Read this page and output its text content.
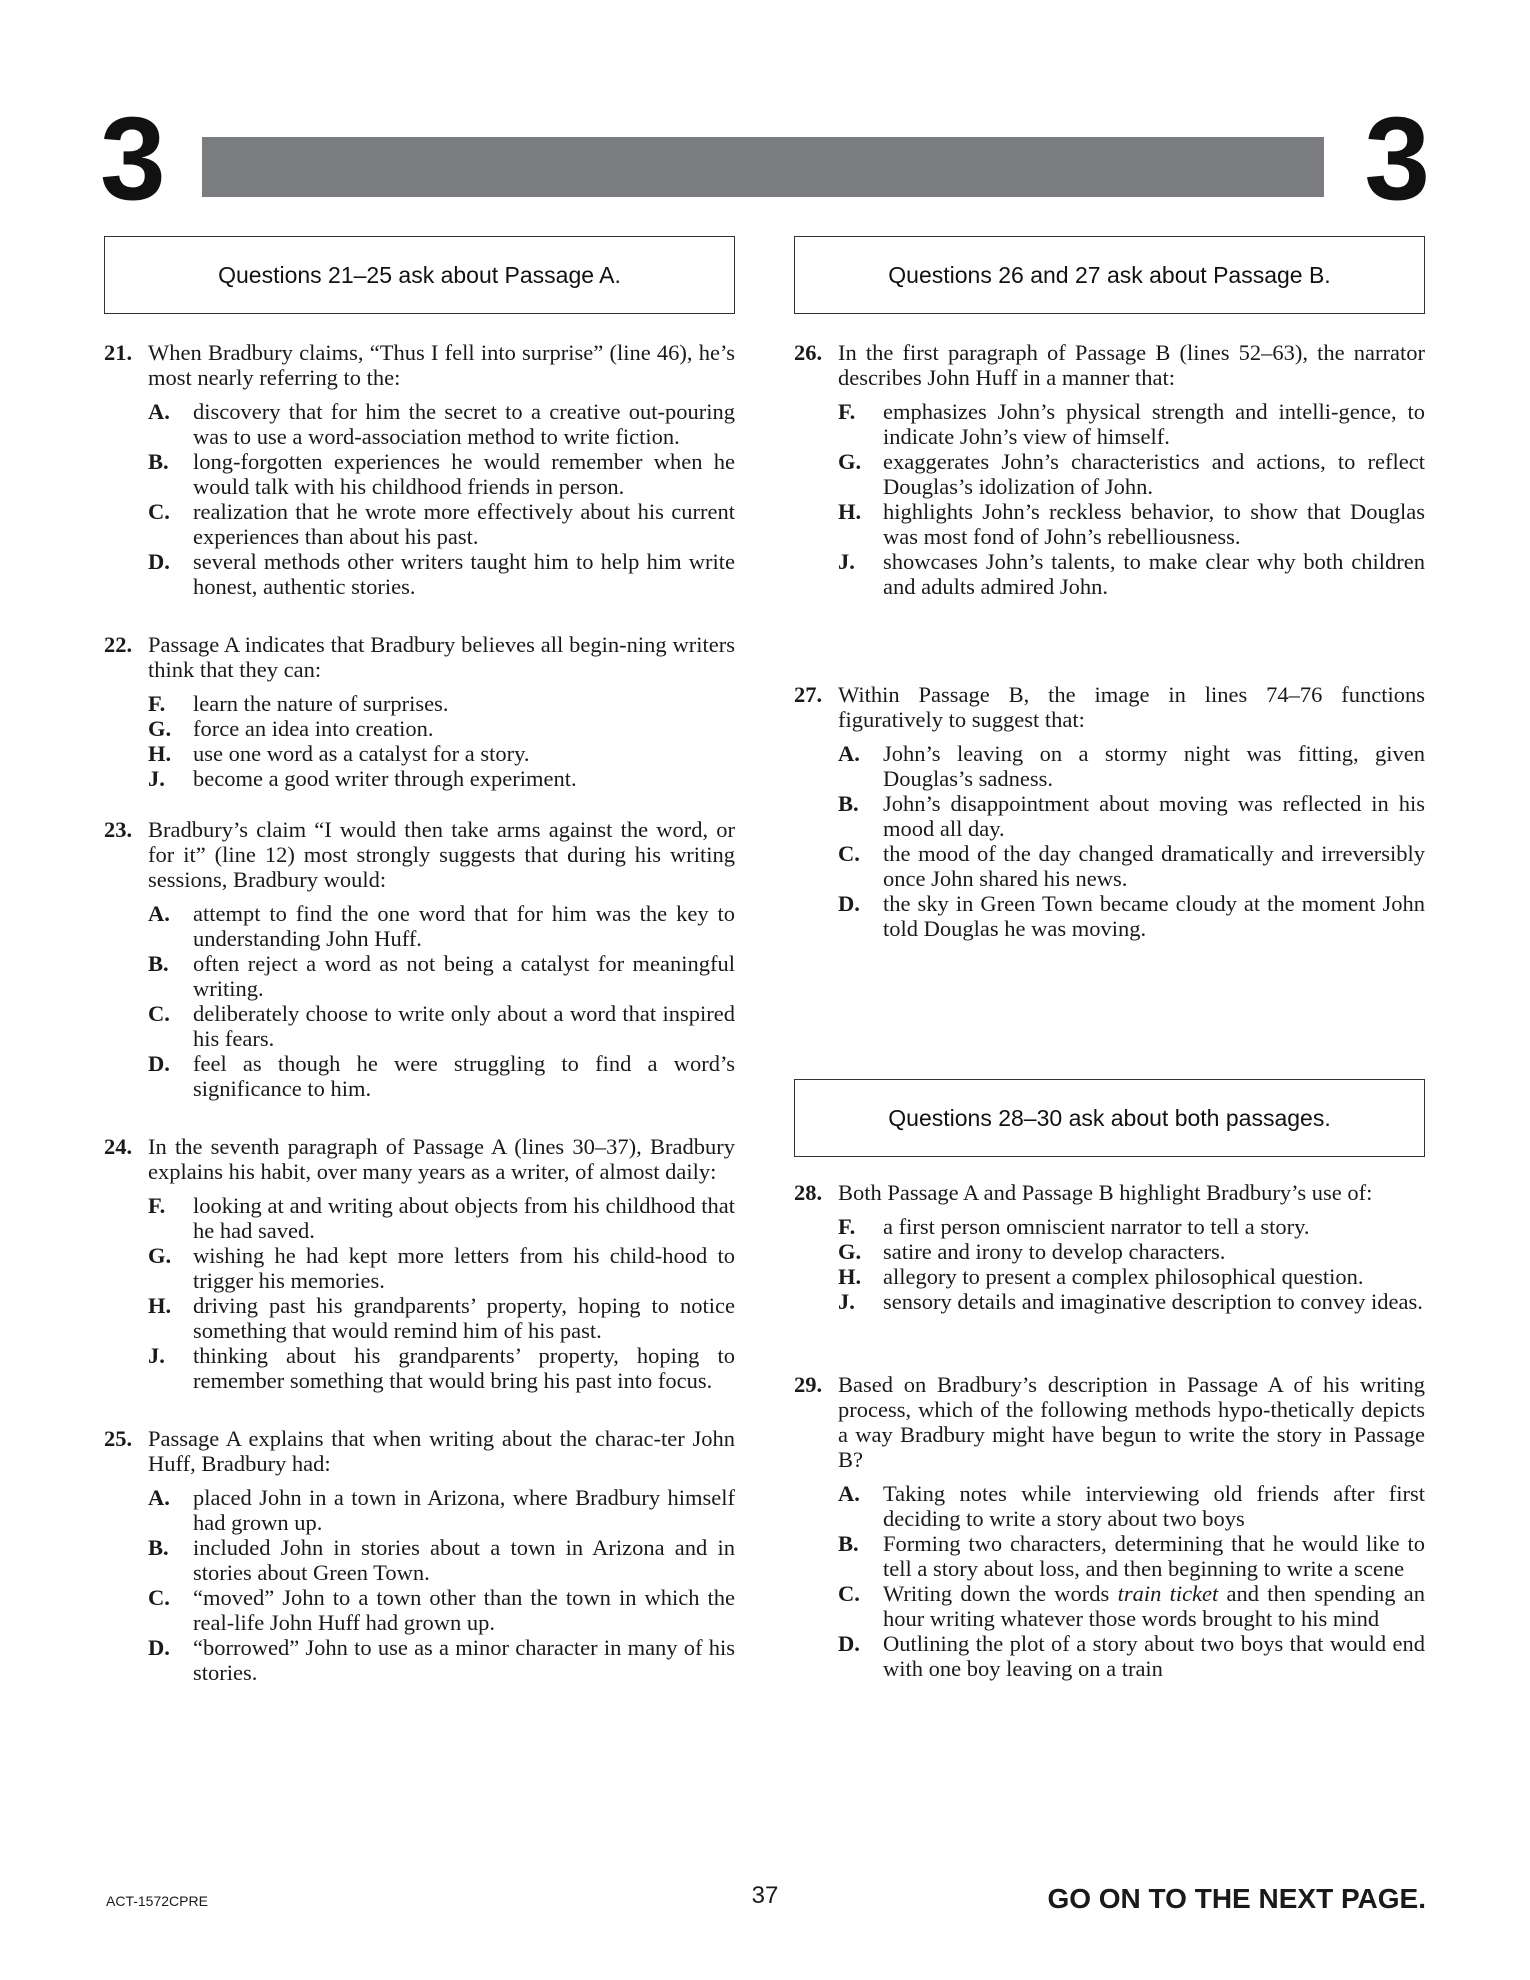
3	3
Questions 21–25 ask about Passage A.
21. When Bradbury claims, “Thus I fell into surprise” (line 46), he’s most nearly referring to the:
A. discovery that for him the secret to a creative out-pouring was to use a word-association method to write fiction.
B. long-forgotten experiences he would remember when he would talk with his childhood friends in person.
C. realization that he wrote more effectively about his current experiences than about his past.
D. several methods other writers taught him to help him write honest, authentic stories.
22. Passage A indicates that Bradbury believes all begin-ning writers think that they can:
F. learn the nature of surprises.
G. force an idea into creation.
H. use one word as a catalyst for a story.
J. become a good writer through experiment.
23. Bradbury’s claim “I would then take arms against the word, or for it” (line 12) most strongly suggests that during his writing sessions, Bradbury would:
A. attempt to find the one word that for him was the key to understanding John Huff.
B. often reject a word as not being a catalyst for meaningful writing.
C. deliberately choose to write only about a word that inspired his fears.
D. feel as though he were struggling to find a word’s significance to him.
24. In the seventh paragraph of Passage A (lines 30–37), Bradbury explains his habit, over many years as a writer, of almost daily:
F. looking at and writing about objects from his childhood that he had saved.
G. wishing he had kept more letters from his child-hood to trigger his memories.
H. driving past his grandparents’ property, hoping to notice something that would remind him of his past.
J. thinking about his grandparents’ property, hoping to remember something that would bring his past into focus.
25. Passage A explains that when writing about the charac-ter John Huff, Bradbury had:
A. placed John in a town in Arizona, where Bradbury himself had grown up.
B. included John in stories about a town in Arizona and in stories about Green Town.
C. “moved” John to a town other than the town in which the real-life John Huff had grown up.
D. “borrowed” John to use as a minor character in many of his stories.
Questions 26 and 27 ask about Passage B.
26. In the first paragraph of Passage B (lines 52–63), the narrator describes John Huff in a manner that:
F. emphasizes John’s physical strength and intelli-gence, to indicate John’s view of himself.
G. exaggerates John’s characteristics and actions, to reflect Douglas’s idolization of John.
H. highlights John’s reckless behavior, to show that Douglas was most fond of John’s rebelliousness.
J. showcases John’s talents, to make clear why both children and adults admired John.
27. Within Passage B, the image in lines 74–76 functions figuratively to suggest that:
A. John’s leaving on a stormy night was fitting, given Douglas’s sadness.
B. John’s disappointment about moving was reflected in his mood all day.
C. the mood of the day changed dramatically and irreversibly once John shared his news.
D. the sky in Green Town became cloudy at the moment John told Douglas he was moving.
Questions 28–30 ask about both passages.
28. Both Passage A and Passage B highlight Bradbury’s use of:
F. a first person omniscient narrator to tell a story.
G. satire and irony to develop characters.
H. allegory to present a complex philosophical question.
J. sensory details and imaginative description to convey ideas.
29. Based on Bradbury’s description in Passage A of his writing process, which of the following methods hypo-thetically depicts a way Bradbury might have begun to write the story in Passage B?
A. Taking notes while interviewing old friends after first deciding to write a story about two boys
B. Forming two characters, determining that he would like to tell a story about loss, and then beginning to write a scene
C. Writing down the words train ticket and then spending an hour writing whatever those words brought to his mind
D. Outlining the plot of a story about two boys that would end with one boy leaving on a train
ACT-1572CPRE	37	GO ON TO THE NEXT PAGE.
